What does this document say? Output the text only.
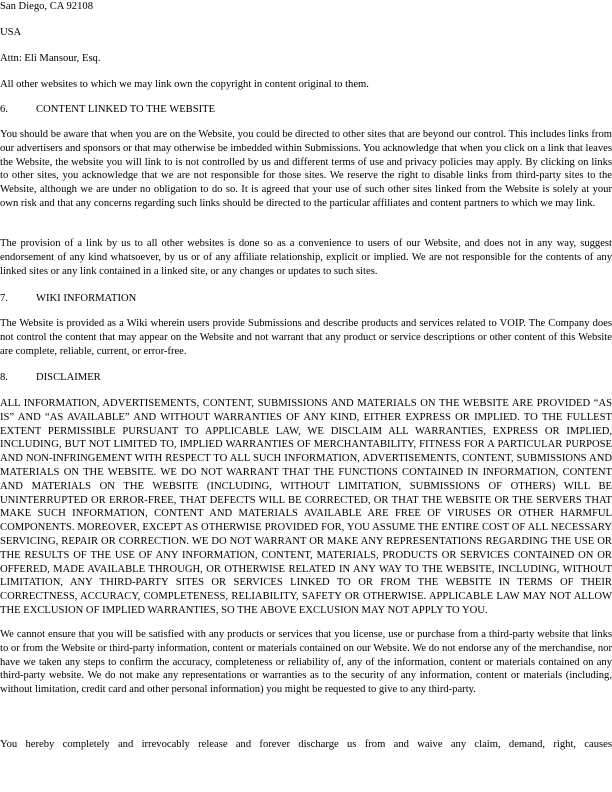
San Diego, CA 92108

USA

Attn: Eli Mansour, Esq.

All other websites to which we may link own the copyright in content original to them.

6.	CONTENT LINKED TO THE WEBSITE

You should be aware that when you are on the Website, you could be directed to other sites that are beyond our control. This includes links from our advertisers and sponsors or that may otherwise be imbedded within Submissions. You acknowledge that when you click on a link that leaves the Website, the website you will link to is not controlled by us and different terms of use and privacy policies may apply. By clicking on links to other sites, you acknowledge that we are not responsible for those sites. We reserve the right to disable links from third-party sites to the Website, although we are under no obligation to do so. It is agreed that your use of such other sites linked from the Website is solely at your own risk and that any concerns regarding such links should be directed to the particular affiliates and content partners to which we may link.

The provision of a link by us to all other websites is done so as a convenience to users of our Website, and does not in any way, suggest endorsement of any kind whatsoever, by us or of any affiliate relationship, explicit or implied. We are not responsible for the contents of any linked sites or any link contained in a linked site, or any changes or updates to such sites.

7.	WIKI INFORMATION

The Website is provided as a Wiki wherein users provide Submissions and describe products and services related to VOIP. The Company does not control the content that may appear on the Website and not warrant that any product or service descriptions or other content of this Website are complete, reliable, current, or error-free.

8.	DISCLAIMER

ALL INFORMATION, ADVERTISEMENTS, CONTENT, SUBMISSIONS AND MATERIALS ON THE WEBSITE ARE PROVIDED “AS IS” AND “AS AVAILABLE” AND WITHOUT WARRANTIES OF ANY KIND, EITHER EXPRESS OR IMPLIED. TO THE FULLEST EXTENT PERMISSIBLE PURSUANT TO APPLICABLE LAW, WE DISCLAIM ALL WARRANTIES, EXPRESS OR IMPLIED, INCLUDING, BUT NOT LIMITED TO, IMPLIED WARRANTIES OF MERCHANTABILITY, FITNESS FOR A PARTICULAR PURPOSE AND NON-INFRINGEMENT WITH RESPECT TO ALL SUCH INFORMATION, ADVERTISEMENTS, CONTENT, SUBMISSIONS AND MATERIALS ON THE WEBSITE. WE DO NOT WARRANT THAT THE FUNCTIONS CONTAINED IN INFORMATION, CONTENT AND MATERIALS ON THE WEBSITE (INCLUDING, WITHOUT LIMITATION, SUBMISSIONS OF OTHERS) WILL BE UNINTERRUPTED OR ERROR-FREE, THAT DEFECTS WILL BE CORRECTED, OR THAT THE WEBSITE OR THE SERVERS THAT MAKE SUCH INFORMATION, CONTENT AND MATERIALS AVAILABLE ARE FREE OF VIRUSES OR OTHER HARMFUL COMPONENTS. MOREOVER, EXCEPT AS OTHERWISE PROVIDED FOR, YOU ASSUME THE ENTIRE COST OF ALL NECESSARY SERVICING, REPAIR OR CORRECTION. WE DO NOT WARRANT OR MAKE ANY REPRESENTATIONS REGARDING THE USE OR THE RESULTS OF THE USE OF ANY INFORMATION, CONTENT, MATERIALS, PRODUCTS OR SERVICES CONTAINED ON OR OFFERED, MADE AVAILABLE THROUGH, OR OTHERWISE RELATED IN ANY WAY TO THE WEBSITE, INCLUDING, WITHOUT LIMITATION, ANY THIRD-PARTY SITES OR SERVICES LINKED TO OR FROM THE WEBSITE IN TERMS OF THEIR CORRECTNESS, ACCURACY, COMPLETENESS, RELIABILITY, SAFETY OR OTHERWISE. APPLICABLE LAW MAY NOT ALLOW THE EXCLUSION OF IMPLIED WARRANTIES, SO THE ABOVE EXCLUSION MAY NOT APPLY TO YOU.

We cannot ensure that you will be satisfied with any products or services that you license, use or purchase from a third-party website that links to or from the Website or third-party information, content or materials contained on our Website. We do not endorse any of the merchandise, nor have we taken any steps to confirm the accuracy, completeness or reliability of, any of the information, content or materials contained on any third-party website. We do not make any representations or warranties as to the security of any information, content or materials (including, without limitation, credit card and other personal information) you might be requested to give to any third-party.

You hereby completely and irrevocably release and forever discharge us from and waive any claim, demand, right, causes
